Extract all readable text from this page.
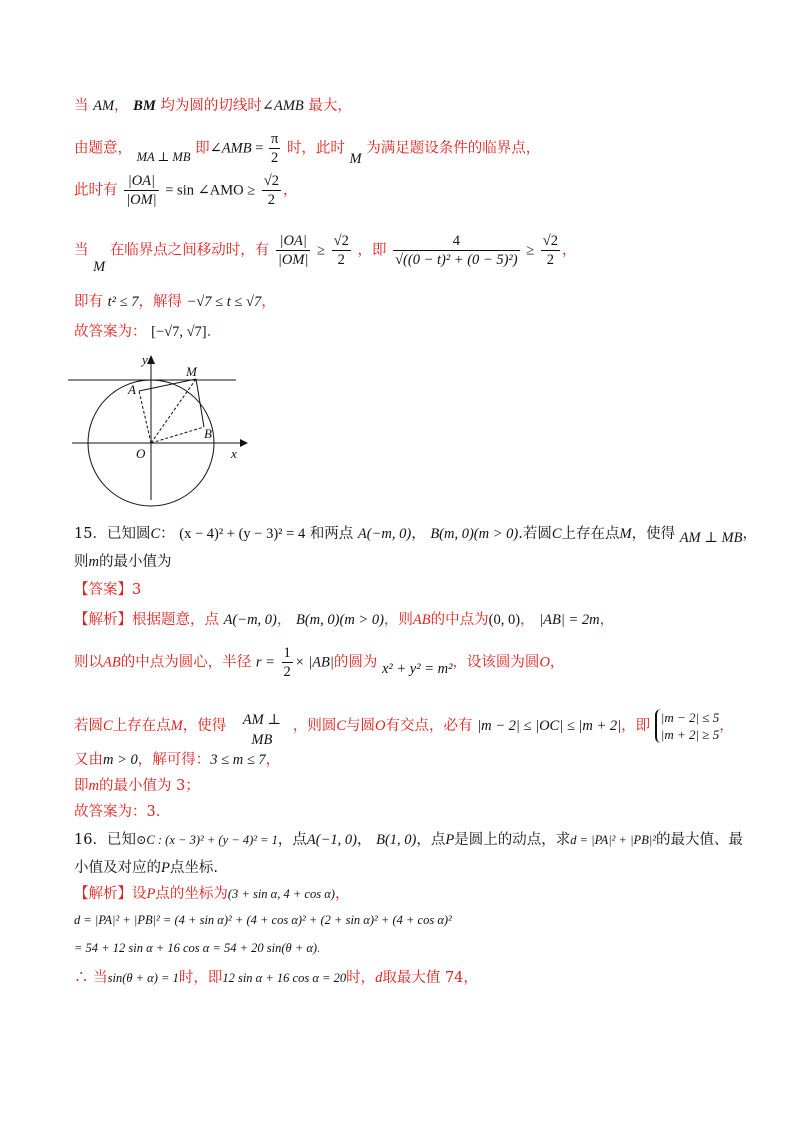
当 AM， BM 均为圆的切线时∠AMB 最大，
由题意， MA ⊥ MB 即∠AMB = $\frac{\pi}{2}$ 时，此时 M 为满足题设条件的临界点，
此时有 $\frac{|OA|}{|OM|} = \sin$ ∠AMO ≥ $\frac{√2}{2}$ ，
当 M 在临界点之间移动时，有 $\frac{|OA|}{|OM|} \ge \frac{√2}{2}$ ，即 $\frac{4}{\text{√((0 − t)² + (0 − 5)²)}} \ge \frac{√2}{2}$ ，
即有 t² ≤ 7，解得 −√7 ≤ t ≤ √7，
故答案为： [−√7, √7].
y
x
O
A
M
B
15．已知圆C： (x − 4)² + (y − 3)² = 4 和两点 A(−m, 0)， B(m, 0)(m > 0).若圆C上存在点M，使得 AM ⊥ MB，
则m的最小值为
【答案】3
【解析】根据题意，点 A(−m, 0)， B(m, 0)(m > 0)，则AB的中点为(0, 0)， |AB| = 2m，
则以AB的中点为圆心，半径 $r = \frac{1}{2} \times |AB|$的圆为 x² + y² = m²，设该圆为圆O，
若圆C上存在点M，使得 AM ⊥ MB，则圆C与圆O有交点，必有 |m − 2| ≤ |OC| ≤ |m + 2|，即
|m − 2| ≤ 5
|m + 2| ≥ 5
，
又由m > 0，解可得：3 ≤ m ≤ 7，
即m的最小值为 3；
故答案为：3.
16．已知⊙C : (x − 3)² + (y − 4)² = 1，点A(−1, 0)， B(1, 0)，点P是圆上的动点，求d = |PA|² + |PB|²的最大值、最
小值及对应的P点坐标.
【解析】设P点的坐标为(3 + sin α, 4 + cos α)，
d = |PA|² + |PB|² = (4 + sin α)² + (4 + cos α)² + (2 + sin α)² + (4 + cos α)²
= 54 + 12 sin α + 16 cos α = 54 + 20 sin(θ + α).
∴ 当sin(θ + α) = 1时，即12 sin α + 16 cos α = 20时，d取最大值 74，
